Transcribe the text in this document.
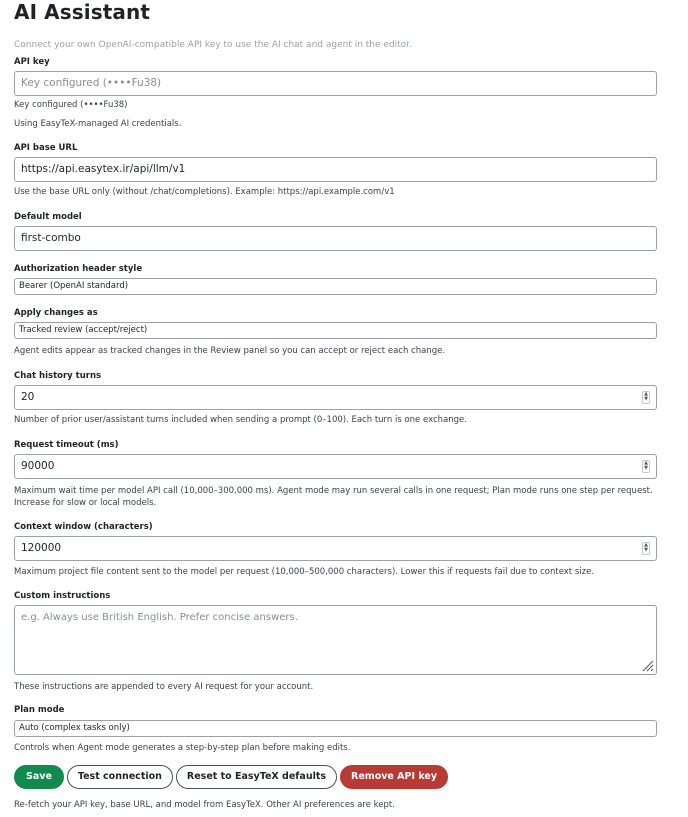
AI Assistant
Connect your own OpenAI-compatible API key to use the AI chat and agent in the editor.
API key
Key configured (••••Fu38)
Key configured (••••Fu38)
Using EasyTeX-managed AI credentials.
API base URL
https://api.easytex.ir/api/llm/v1
Use the base URL only (without /chat/completions). Example: https://api.example.com/v1
Default model
first-combo
Authorization header style
Bearer (OpenAI standard)
Apply changes as
Tracked review (accept/reject)
Agent edits appear as tracked changes in the Review panel so you can accept or reject each change.
Chat history turns
20	▲
▼
Number of prior user/assistant turns included when sending a prompt (0–100). Each turn is one exchange.
Request timeout (ms)
90000	▲
▼
Maximum wait time per model API call (10,000–300,000 ms). Agent mode may run several calls in one request; Plan mode runs one step per request.
Increase for slow or local models.
Context window (characters)
120000	▲
▼
Maximum project file content sent to the model per request (10,000–500,000 characters). Lower this if requests fail due to context size.
Custom instructions
e.g. Always use British English. Prefer concise answers.
These instructions are appended to every AI request for your account.
Plan mode
Auto (complex tasks only)
Controls when Agent mode generates a step-by-step plan before making edits.
Save	Test connection	Reset to EasyTeX defaults	Remove API key
Re-fetch your API key, base URL, and model from EasyTeX. Other AI preferences are kept.
